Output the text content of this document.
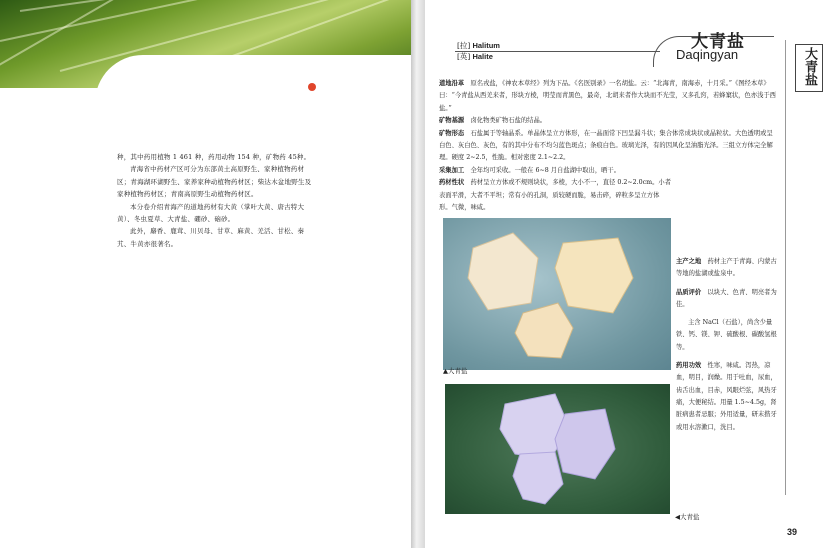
种，其中药用植物 1 461 种，药用动物 154 种，矿物药 45种。

青海省中药材产区可分为东部黄土高原野生、家种植物药材区；青海湖环湖野生、家养家种动植物药材区；柴达木盆地野生及家种植物药材区；青南高原野生动植物药材区。

本分卷介绍青海产的道地药材有大黄（掌叶大黄、唐古特大黄）、冬虫夏草、大青盐、硼砂、硇砂。

此外，麝香、鹿茸、川贝母、甘草、麻黄、羌活、甘松、秦艽、牛黄亦很著名。

大青盐
[拉] Halitum
[英] Halite
大青盐
Daqingyan

道地沿革　 原名戎盐，《神农本草经》列为下品。《名医别录》一名胡盐。云：“北海青，南海赤，十月采。”《图经本草》曰：“今青盐从西羌来者，形块方棱，明莹而青黑色，最奇，北胡来者作大块而不光莹，又多孔窍，若蜂窠状，色亦浅于西盐。”

矿物基源　 卤化物类矿物石盐的结晶。

矿物形态　 石盐属于等轴晶系。单晶体呈立方体形，在一晶面常下凹呈漏斗状；集合体常成块状或晶粒状。大色透明或呈白色、灰白色、灰色，有的其中分布不均匀蓝色斑点；条痕白色。玻璃光泽，有的因风化呈油脂光泽。三组立方体完全解理。硬度 2~2.5，性脆。相对密度 2.1~2.2。

采集加工　 全年均可采收。一般在 6~8 月自盐湖中取出，晒干。

药材性状　 药材呈立方体或不规则块状，多棱，大小不一，直径 0.2~2.0cm。小者表面平滑，大者不平坦；常有小的孔洞，质较硬而脆，易击碎，碎粒多呈立方体形。气微，味咸。

▲大青盐
◀大青盐

主产之地　 药材主产于青海、内蒙古等地的盐湖或盐泉中。

品质评价　 以块大、色青、明亮者为佳。

主含 NaCl（石盐），尚含少量铁、钙、镁、钾、硫酸根、碳酸氢根等。

药用功效　 性寒，味咸。泻热，凉血，明目，润燥。用于吐血，尿血，齿舌出血，目赤，风眼烂弦，风热牙痛，大便秘结。用量 1.5~4.5g，肾脏病患者忌服；外用适量，研末揩牙或用水溶漱口，洗目。

39
